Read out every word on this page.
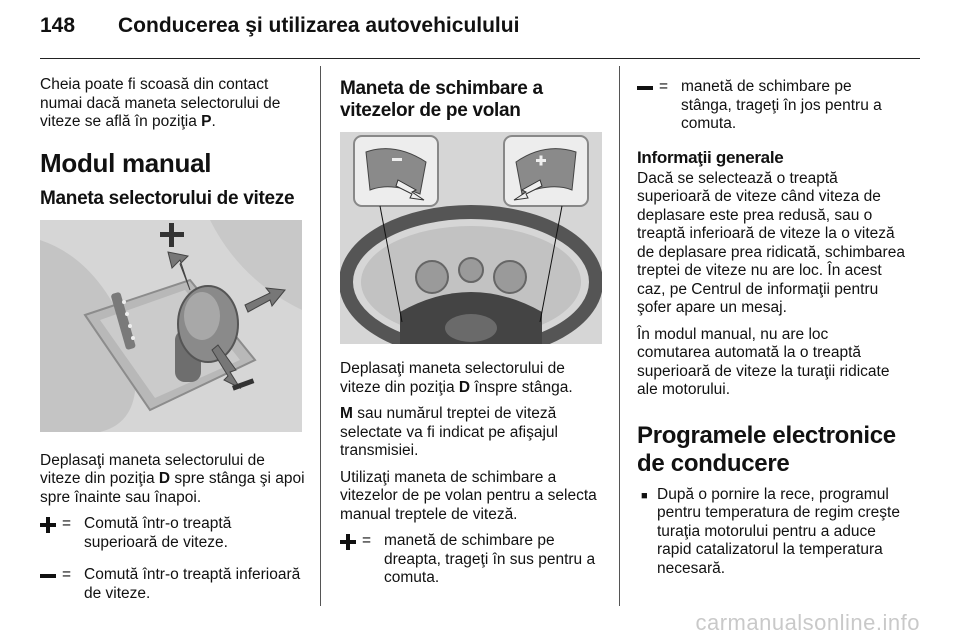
148	Conducerea şi utilizarea autovehiculului

Cheia poate fi scoasă din contact numai dacă maneta selectorului de viteze se află în poziţia P.

Modul manual
Maneta selectorului de viteze

Deplasaţi maneta selectorului de viteze din poziţia D spre stânga şi apoi spre înainte sau înapoi.

= Comută într-o treaptă superioară de viteze.
= Comută într-o treaptă inferioară de viteze.
Maneta de schimbare a vitezelor de pe volan

Deplasaţi maneta selectorului de viteze din poziţia D înspre stânga.

M sau numărul treptei de viteză selectate va fi indicat pe afişajul transmisiei.

Utilizaţi maneta de schimbare a vitezelor de pe volan pentru a selecta manual treptele de viteză.

= manetă de schimbare pe dreapta, trageţi în sus pentru a comuta.
= manetă de schimbare pe stânga, trageţi în jos pentru a comuta.
Informaţii generale

Dacă se selectează o treaptă superioară de viteze când viteza de deplasare este prea redusă, sau o treaptă inferioară de viteze la o viteză de deplasare prea ridicată, schimbarea treptei de viteze nu are loc. În acest caz, pe Centrul de informaţii pentru şofer apare un mesaj.

În modul manual, nu are loc comutarea automată la o treaptă superioară de viteze la turaţii ridicate ale motorului.

Programele electronice de conducere
■ După o pornire la rece, programul pentru temperatura de regim creşte turaţia motorului pentru a aduce rapid catalizatorul la temperatura necesară.
carmanualsonline.info
